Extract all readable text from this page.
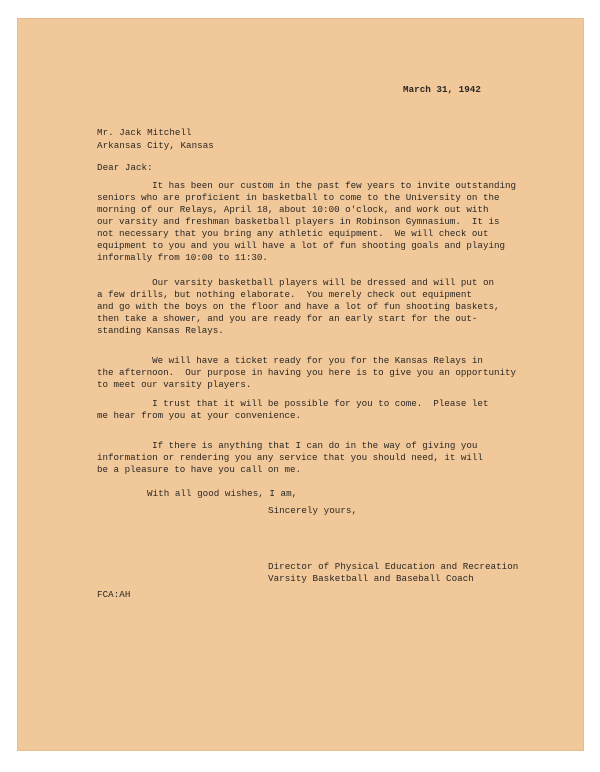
March 31, 1942
Mr. Jack Mitchell
Arkansas City, Kansas
Dear Jack:
It has been our custom in the past few years to invite outstanding
seniors who are proficient in basketball to come to the University on the
morning of our Relays, April 18, about 10:00 o'clock, and work out with
our varsity and freshman basketball players in Robinson Gymnasium.  It is
not necessary that you bring any athletic equipment.  We will check out
equipment to you and you will have a lot of fun shooting goals and playing
informally from 10:00 to 11:30.
Our varsity basketball players will be dressed and will put on
a few drills, but nothing elaborate.  You merely check out equipment
and go with the boys on the floor and have a lot of fun shooting baskets,
then take a shower, and you are ready for an early start for the out-
standing Kansas Relays.
We will have a ticket ready for you for the Kansas Relays in
the afternoon.  Our purpose in having you here is to give you an opportunity
to meet our varsity players.
I trust that it will be possible for you to come.  Please let
me hear from you at your convenience.
If there is anything that I can do in the way of giving you
information or rendering you any service that you should need, it will
be a pleasure to have you call on me.
With all good wishes, I am,
Sincerely yours,
Director of Physical Education and Recreation
Varsity Basketball and Baseball Coach
FCA:AH
